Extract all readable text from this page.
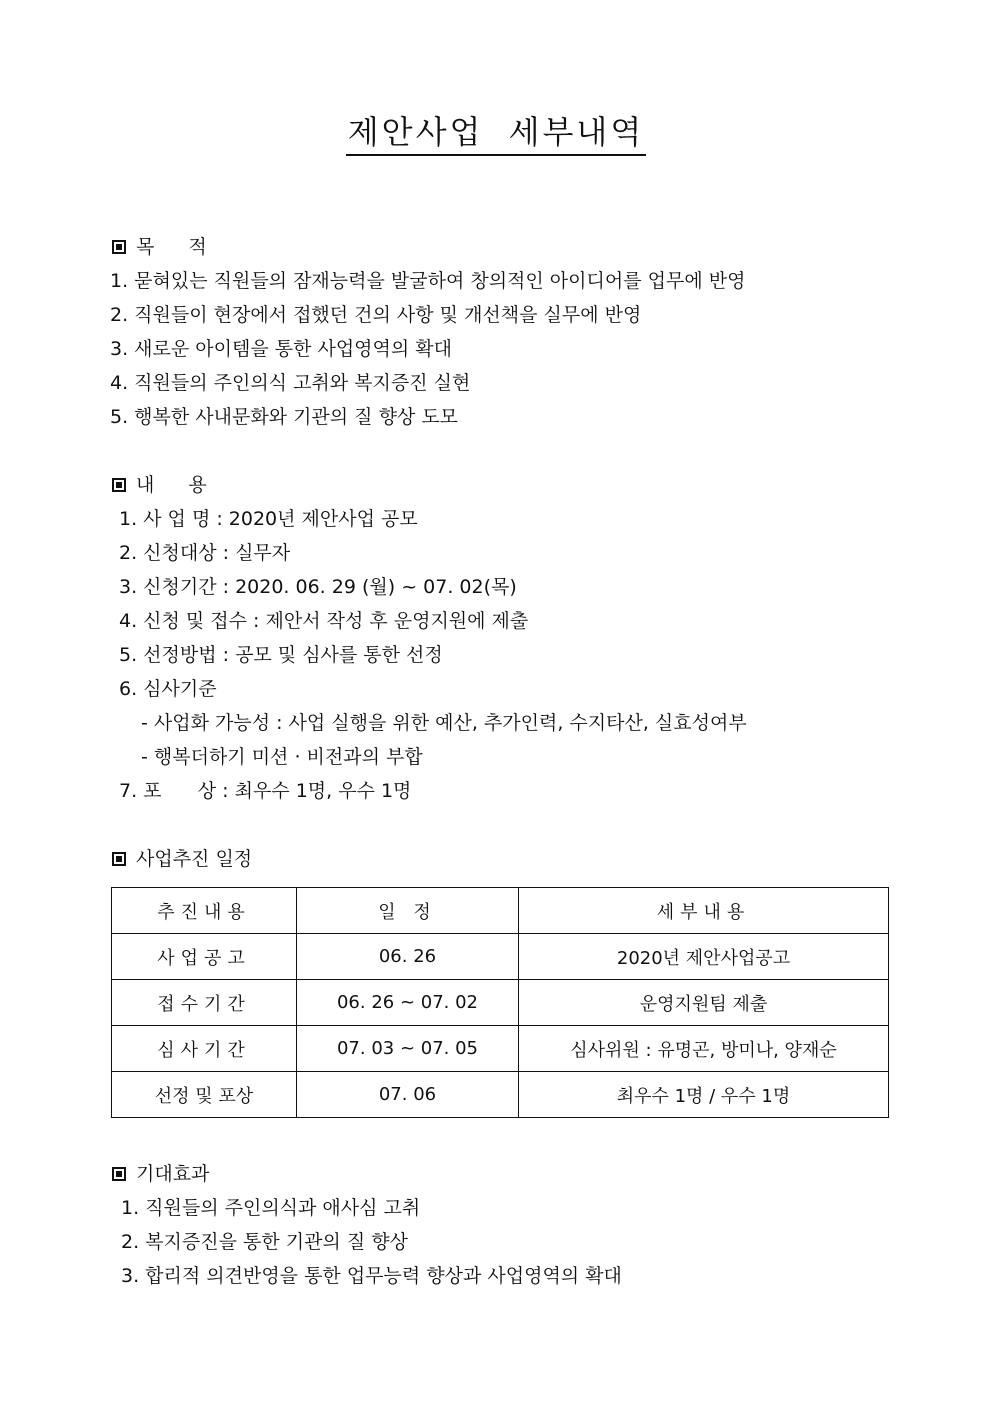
제안사업 세부내역
목 적
1. 묻혀있는 직원들의 잠재능력을 발굴하여 창의적인 아이디어를 업무에 반영
2. 직원들이 현장에서 접했던 건의 사항 및 개선책을 실무에 반영
3. 새로운 아이템을 통한 사업영역의 확대
4. 직원들의 주인의식 고취와 복지증진 실현
5. 행복한 사내문화와 기관의 질 향상 도모
내 용
1. 사 업 명 : 2020년 제안사업 공모
2. 신청대상 : 실무자
3. 신청기간 : 2020. 06. 29 (월) ~ 07. 02(목)
4. 신청 및 접수 : 제안서 작성 후 운영지원에 제출
5. 선정방법 : 공모 및 심사를 통한 선정
6. 심사기준
- 사업화 가능성 : 사업 실행을 위한 예산, 추가인력, 수지타산, 실효성여부
- 행복더하기 미션 · 비전과의 부합
7. 포      상 : 최우수 1명, 우수 1명
사업추진 일정
추진내용	일 정	세부내용
사업공고	06. 26	2020년 제안사업공고
접수기간	06. 26 ~ 07. 02	운영지원팀 제출
심사기간	07. 03 ~ 07. 05	심사위원 : 유명곤, 방미나, 양재순
선정 및 포상	07. 06	최우수 1명 / 우수 1명
기대효과
1. 직원들의 주인의식과 애사심 고취
2. 복지증진을 통한 기관의 질 향상
3. 합리적 의견반영을 통한 업무능력 향상과 사업영역의 확대
